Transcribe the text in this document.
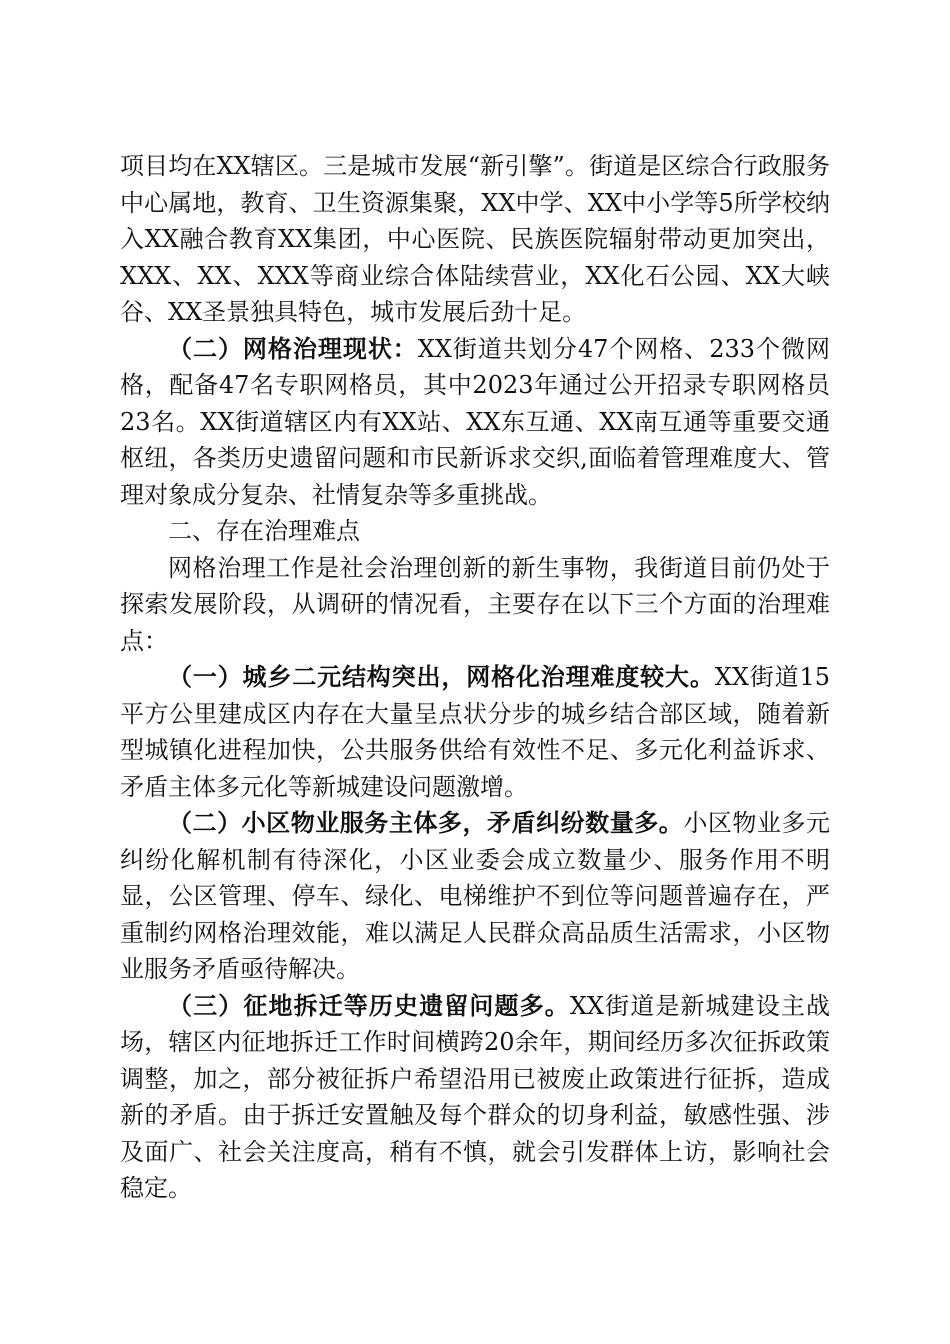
项目均在XX辖区。三是城市发展“新引擎”。街道是区综合行政服务中心属地，教育、卫生资源集聚，XX中学、XX中小学等5所学校纳入XX融合教育XX集团，中心医院、民族医院辐射带动更加突出，XXX、XX、XXX等商业综合体陆续营业，XX化石公园、XX大峡谷、XX圣景独具特色，城市发展后劲十足。

（二）网格治理现状：XX街道共划分47个网格、233个微网格，配备47名专职网格员，其中2023年通过公开招录专职网格员23名。XX街道辖区内有XX站、XX东互通、XX南互通等重要交通枢纽，各类历史遗留问题和市民新诉求交织,面临着管理难度大、管理对象成分复杂、社情复杂等多重挑战。

二、存在治理难点

网格治理工作是社会治理创新的新生事物，我街道目前仍处于探索发展阶段，从调研的情况看，主要存在以下三个方面的治理难点：

（一）城乡二元结构突出，网格化治理难度较大。XX街道15平方公里建成区内存在大量呈点状分步的城乡结合部区域，随着新型城镇化进程加快，公共服务供给有效性不足、多元化利益诉求、矛盾主体多元化等新城建设问题激增。

（二）小区物业服务主体多，矛盾纠纷数量多。小区物业多元纠纷化解机制有待深化，小区业委会成立数量少、服务作用不明显，公区管理、停车、绿化、电梯维护不到位等问题普遍存在，严重制约网格治理效能，难以满足人民群众高品质生活需求，小区物业服务矛盾亟待解决。

（三）征地拆迁等历史遗留问题多。XX街道是新城建设主战场，辖区内征地拆迁工作时间横跨20余年，期间经历多次征拆政策调整，加之，部分被征拆户希望沿用已被废止政策进行征拆，造成新的矛盾。由于拆迁安置触及每个群众的切身利益，敏感性强、涉及面广、社会关注度高，稍有不慎，就会引发群体上访，影响社会稳定。
